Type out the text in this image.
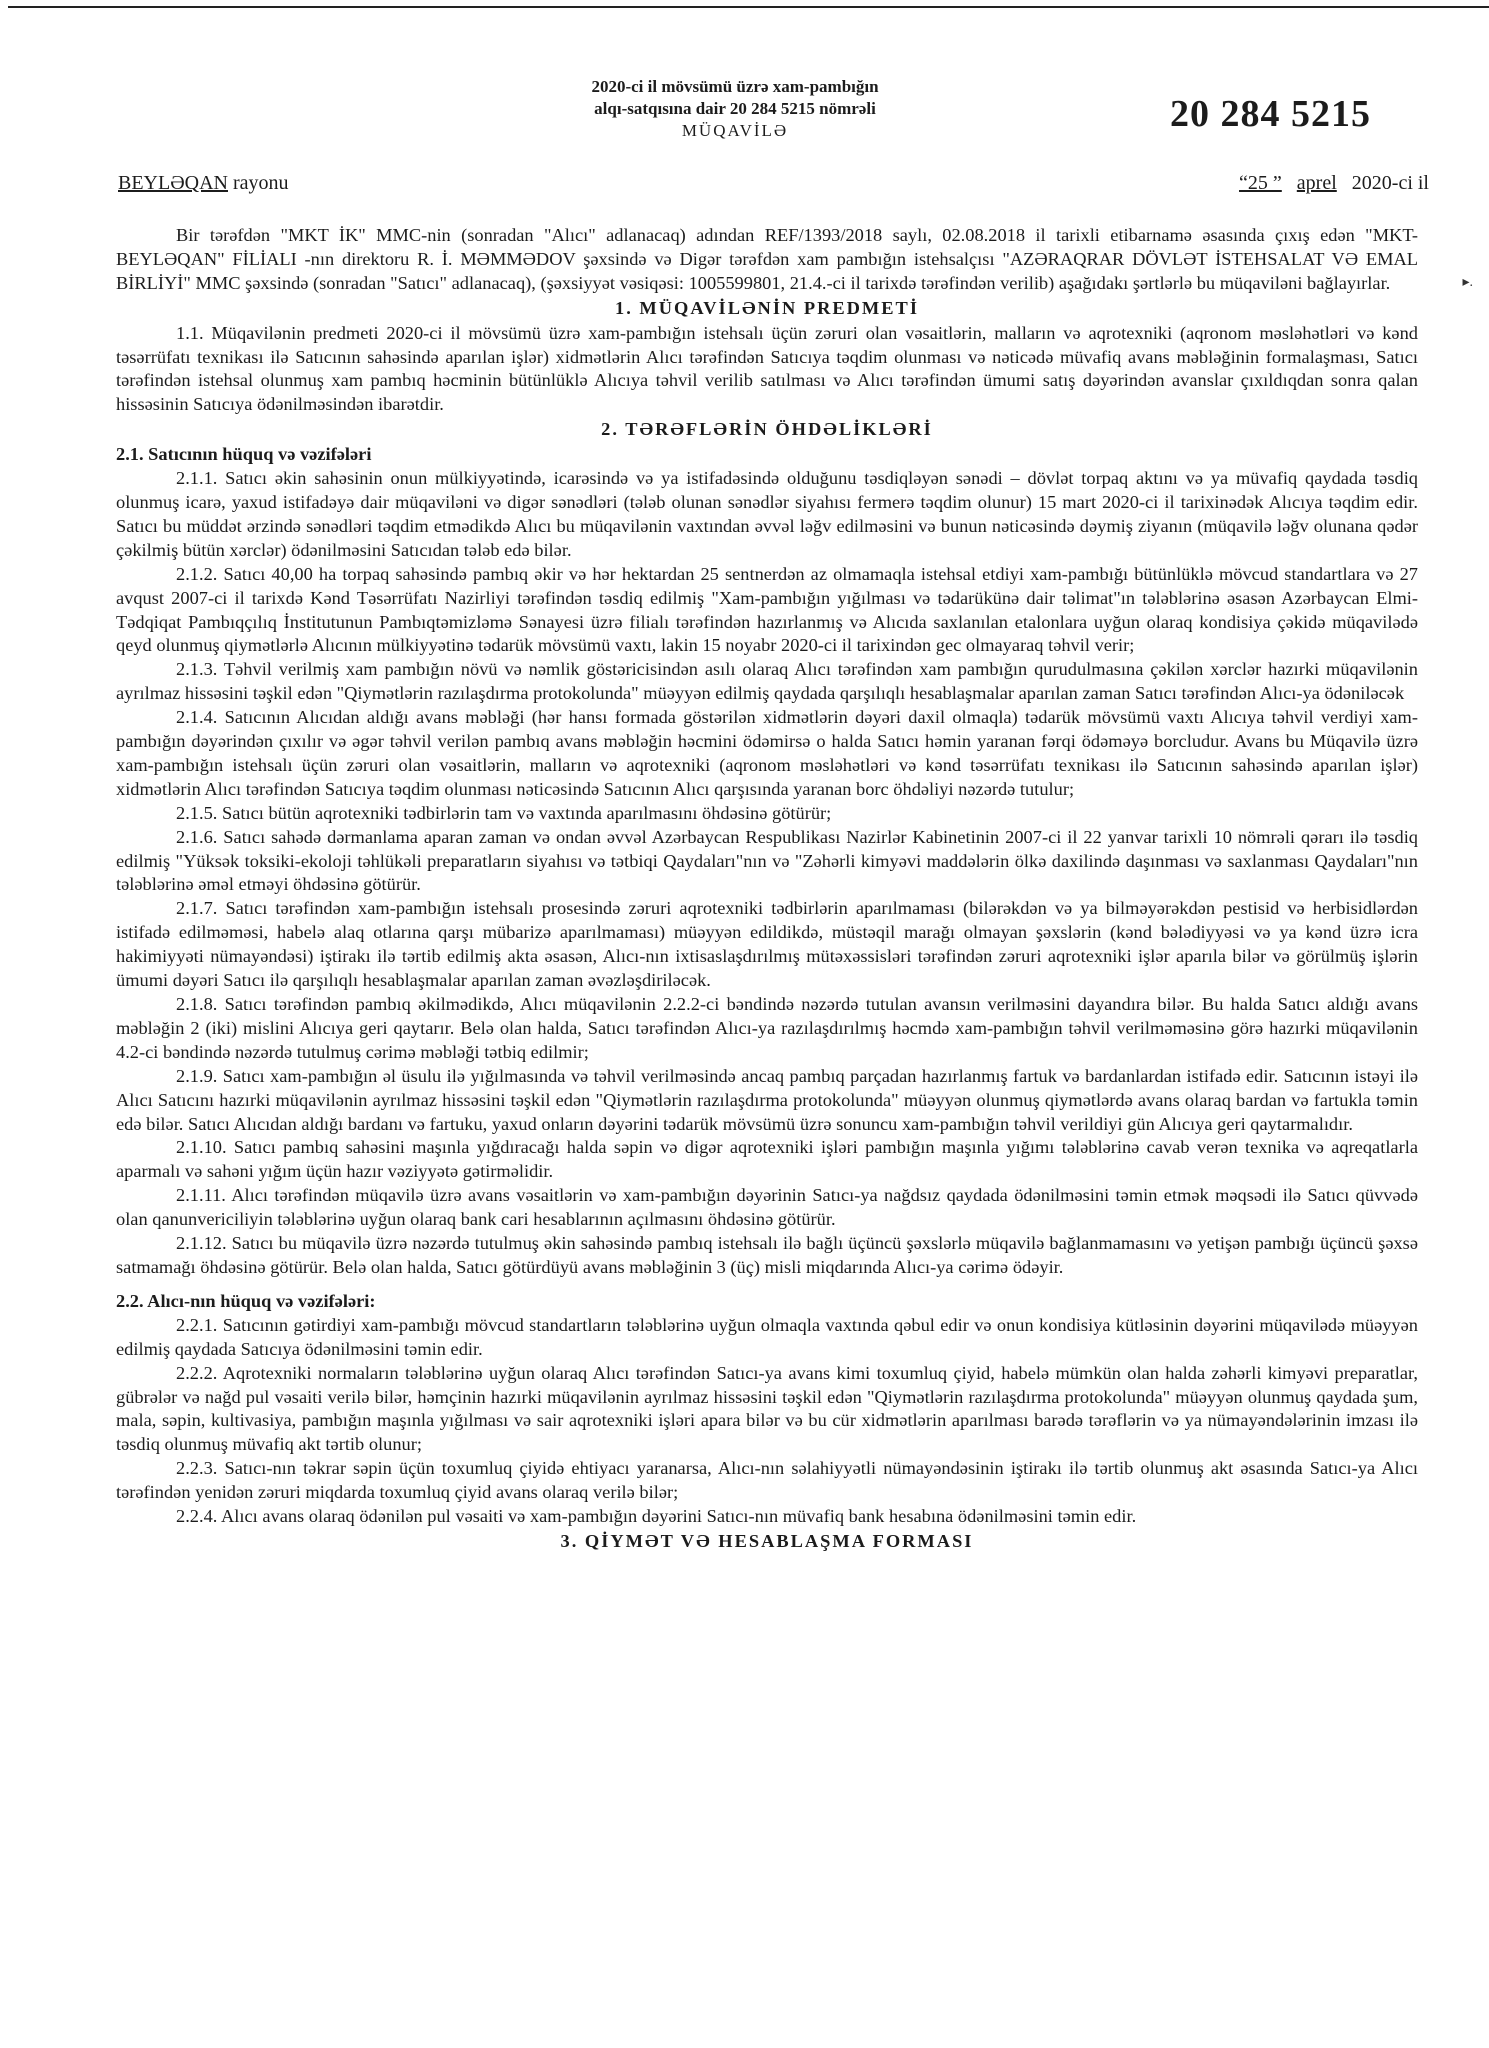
2020-ci il mövsümü üzrə xam-pambığın
alqı-satqısına dair 20 284 5215 nömrəli
MÜQAVİLƏ	20 284 5215
BEYLƏQAN rayonu	“25 ” aprel 2020-ci il
▸.

Bir tərəfdən "MKT İK" MMC-nin (sonradan "Alıcı" adlanacaq) adından REF/1393/2018 saylı, 02.08.2018 il tarixli etibarnamə əsasında çıxış edən "MKT-BEYLƏQAN" FİLİALI -nın direktoru R. İ. MƏMMƏDOV şəxsində və Digər tərəfdən xam pambığın istehsalçısı "AZƏRAQRAR DÖVLƏT İSTEHSALAT VƏ EMAL BİRLİYİ" MMC şəxsində (sonradan "Satıcı" adlanacaq), (şəxsiyyət vəsiqəsi: 1005599801, 21.4.-ci il tarixdə tərəfindən verilib) aşağıdakı şərtlərlə bu müqaviləni bağlayırlar.

1. MÜQAVİLƏNİN PREDMETİ

1.1. Müqavilənin predmeti 2020-ci il mövsümü üzrə xam-pambığın istehsalı üçün zəruri olan vəsaitlərin, malların və aqrotexniki (aqronom məsləhətləri və kənd təsərrüfatı texnikası ilə Satıcının sahəsində aparılan işlər) xidmətlərin Alıcı tərəfindən Satıcıya təqdim olunması və nəticədə müvafiq avans məbləğinin formalaşması, Satıcı tərəfindən istehsal olunmuş xam pambıq həcminin bütünlüklə Alıcıya təhvil verilib satılması və Alıcı tərəfindən ümumi satış dəyərindən avanslar çıxıldıqdan sonra qalan hissəsinin Satıcıya ödənilməsindən ibarətdir.

2. TƏRƏFLƏRİN ÖHDƏLİKLƏRİ

2.1. Satıcının hüquq və vəzifələri

2.1.1. Satıcı əkin sahəsinin onun mülkiyyətində, icarəsində və ya istifadəsində olduğunu təsdiqləyən sənədi – dövlət torpaq aktını və ya müvafiq qaydada təsdiq olunmuş icarə, yaxud istifadəyə dair müqaviləni və digər sənədləri (tələb olunan sənədlər siyahısı fermerə təqdim olunur) 15 mart 2020-ci il tarixinədək Alıcıya təqdim edir. Satıcı bu müddət ərzində sənədləri təqdim etmədikdə Alıcı bu müqavilənin vaxtından əvvəl ləğv edilməsini və bunun nəticəsində dəymiş ziyanın (müqavilə ləğv olunana qədər çəkilmiş bütün xərclər) ödənilməsini Satıcıdan tələb edə bilər.

2.1.2. Satıcı 40,00 ha torpaq sahəsində pambıq əkir və hər hektardan 25 sentnerdən az olmamaqla istehsal etdiyi xam-pambığı bütünlüklə mövcud standartlara və 27 avqust 2007-ci il tarixdə Kənd Təsərrüfatı Nazirliyi tərəfindən təsdiq edilmiş "Xam-pambığın yığılması və tədarükünə dair təlimat"ın tələblərinə əsasən Azərbaycan Elmi-Tədqiqat Pambıqçılıq İnstitutunun Pambıqtəmizləmə Sənayesi üzrə filialı tərəfindən hazırlanmış və Alıcıda saxlanılan etalonlara uyğun olaraq kondisiya çəkidə müqavilədə qeyd olunmuş qiymətlərlə Alıcının mülkiyyətinə tədarük mövsümü vaxtı, lakin 15 noyabr 2020-ci il tarixindən gec olmayaraq təhvil verir;

2.1.3. Təhvil verilmiş xam pambığın növü və nəmlik göstəricisindən asılı olaraq Alıcı tərəfindən xam pambığın qurudulmasına çəkilən xərclər hazırki müqavilənin ayrılmaz hissəsini təşkil edən "Qiymətlərin razılaşdırma protokolunda" müəyyən edilmiş qaydada qarşılıqlı hesablaşmalar aparılan zaman Satıcı tərəfindən Alıcı-ya ödəniləcək

2.1.4. Satıcının Alıcıdan aldığı avans məbləği (hər hansı formada göstərilən xidmətlərin dəyəri daxil olmaqla) tədarük mövsümü vaxtı Alıcıya təhvil verdiyi xam-pambığın dəyərindən çıxılır və əgər təhvil verilən pambıq avans məbləğin həcmini ödəmirsə o halda Satıcı həmin yaranan fərqi ödəməyə borcludur. Avans bu Müqavilə üzrə xam-pambığın istehsalı üçün zəruri olan vəsaitlərin, malların və aqrotexniki (aqronom məsləhətləri və kənd təsərrüfatı texnikası ilə Satıcının sahəsində aparılan işlər) xidmətlərin Alıcı tərəfindən Satıcıya təqdim olunması nəticəsində Satıcının Alıcı qarşısında yaranan borc öhdəliyi nəzərdə tutulur;

2.1.5. Satıcı bütün aqrotexniki tədbirlərin tam və vaxtında aparılmasını öhdəsinə götürür;

2.1.6. Satıcı sahədə dərmanlama aparan zaman və ondan əvvəl Azərbaycan Respublikası Nazirlər Kabinetinin 2007-ci il 22 yanvar tarixli 10 nömrəli qərarı ilə təsdiq edilmiş "Yüksək toksiki-ekoloji təhlükəli preparatların siyahısı və tətbiqi Qaydaları"nın və "Zəhərli kimyəvi maddələrin ölkə daxilində daşınması və saxlanması Qaydaları"nın tələblərinə əməl etməyi öhdəsinə götürür.

2.1.7. Satıcı tərəfindən xam-pambığın istehsalı prosesində zəruri aqrotexniki tədbirlərin aparılmaması (bilərəkdən və ya bilməyərəkdən pestisid və herbisidlərdən istifadə edilməməsi, habelə alaq otlarına qarşı mübarizə aparılmaması) müəyyən edildikdə, müstəqil marağı olmayan şəxslərin (kənd bələdiyyəsi və ya kənd üzrə icra hakimiyyəti nümayəndəsi) iştirakı ilə tərtib edilmiş akta əsasən, Alıcı-nın ixtisaslaşdırılmış mütəxəssisləri tərəfindən zəruri aqrotexniki işlər aparıla bilər və görülmüş işlərin ümumi dəyəri Satıcı ilə qarşılıqlı hesablaşmalar aparılan zaman əvəzləşdiriləcək.

2.1.8. Satıcı tərəfindən pambıq əkilmədikdə, Alıcı müqavilənin 2.2.2-ci bəndində nəzərdə tutulan avansın verilməsini dayandıra bilər. Bu halda Satıcı aldığı avans məbləğin 2 (iki) mislini Alıcıya geri qaytarır. Belə olan halda, Satıcı tərəfindən Alıcı-ya razılaşdırılmış həcmdə xam-pambığın təhvil verilməməsinə görə hazırki müqavilənin 4.2-ci bəndində nəzərdə tutulmuş cərimə məbləği tətbiq edilmir;

2.1.9. Satıcı xam-pambığın əl üsulu ilə yığılmasında və təhvil verilməsində ancaq pambıq parçadan hazırlanmış fartuk və bardanlardan istifadə edir. Satıcının istəyi ilə Alıcı Satıcını hazırki müqavilənin ayrılmaz hissəsini təşkil edən "Qiymətlərin razılaşdırma protokolunda" müəyyən olunmuş qiymətlərdə avans olaraq bardan və fartukla təmin edə bilər. Satıcı Alıcıdan aldığı bardanı və fartuku, yaxud onların dəyərini tədarük mövsümü üzrə sonuncu xam-pambığın təhvil verildiyi gün Alıcıya geri qaytarmalıdır.

2.1.10. Satıcı pambıq sahəsini maşınla yığdıracağı halda səpin və digər aqrotexniki işləri pambığın maşınla yığımı tələblərinə cavab verən texnika və aqreqatlarla aparmalı və sahəni yığım üçün hazır vəziyyətə gətirməlidir.

2.1.11. Alıcı tərəfindən müqavilə üzrə avans vəsaitlərin və xam-pambığın dəyərinin Satıcı-ya nağdsız qaydada ödənilməsini təmin etmək məqsədi ilə Satıcı qüvvədə olan qanunvericiliyin tələblərinə uyğun olaraq bank cari hesablarının açılmasını öhdəsinə götürür.

2.1.12. Satıcı bu müqavilə üzrə nəzərdə tutulmuş əkin sahəsində pambıq istehsalı ilə bağlı üçüncü şəxslərlə müqavilə bağlanmamasını və yetişən pambığı üçüncü şəxsə satmamağı öhdəsinə götürür. Belə olan halda, Satıcı götürdüyü avans məbləğinin 3 (üç) misli miqdarında Alıcı-ya cərimə ödəyir.

2.2. Alıcı-nın hüquq və vəzifələri:

2.2.1. Satıcının gətirdiyi xam-pambığı mövcud standartların tələblərinə uyğun olmaqla vaxtında qəbul edir və onun kondisiya kütləsinin dəyərini müqavilədə müəyyən edilmiş qaydada Satıcıya ödənilməsini təmin edir.

2.2.2. Aqrotexniki normaların tələblərinə uyğun olaraq Alıcı tərəfindən Satıcı-ya avans kimi toxumluq çiyid, habelə mümkün olan halda zəhərli kimyəvi preparatlar, gübrələr və nağd pul vəsaiti verilə bilər, həmçinin hazırki müqavilənin ayrılmaz hissəsini təşkil edən "Qiymətlərin razılaşdırma protokolunda" müəyyən olunmuş qaydada şum, mala, səpin, kultivasiya, pambığın maşınla yığılması və sair aqrotexniki işləri apara bilər və bu cür xidmətlərin aparılması barədə tərəflərin və ya nümayəndələrinin imzası ilə təsdiq olunmuş müvafiq akt tərtib olunur;

2.2.3. Satıcı-nın təkrar səpin üçün toxumluq çiyidə ehtiyacı yaranarsa, Alıcı-nın səlahiyyətli nümayəndəsinin iştirakı ilə tərtib olunmuş akt əsasında Satıcı-ya Alıcı tərəfindən yenidən zəruri miqdarda toxumluq çiyid avans olaraq verilə bilər;

2.2.4. Alıcı avans olaraq ödənilən pul vəsaiti və xam-pambığın dəyərini Satıcı-nın müvafiq bank hesabına ödənilməsini təmin edir.

3. QİYMƏT VƏ HESABLAŞMA FORMASI
